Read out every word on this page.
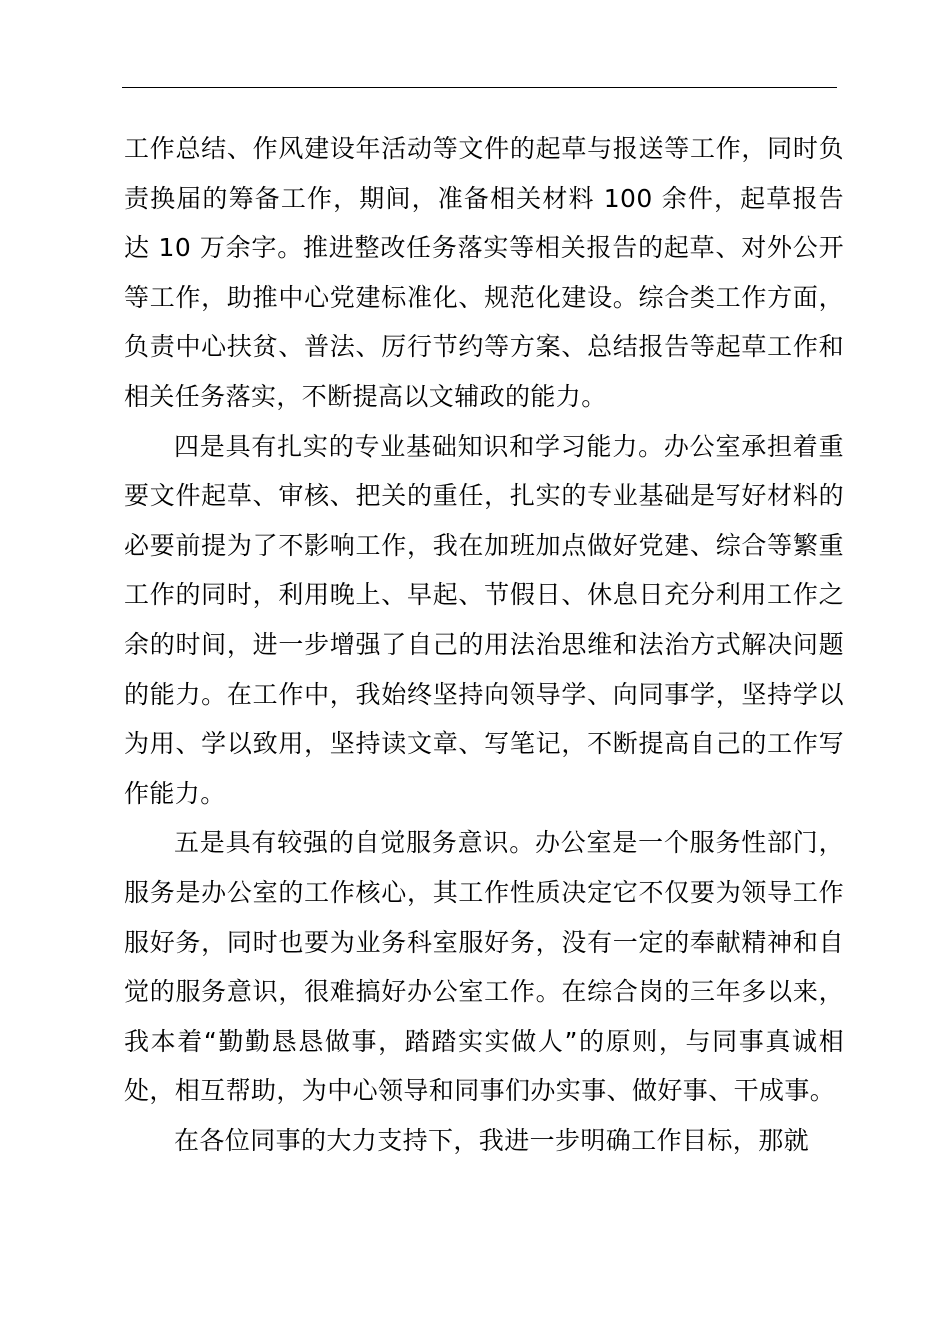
工作总结、作风建设年活动等文件的起草与报送等工作，同时负责换届的筹备工作，期间，准备相关材料 100 余件，起草报告达 10 万余字。推进整改任务落实等相关报告的起草、对外公开等工作，助推中心党建标准化、规范化建设。综合类工作方面，负责中心扶贫、普法、厉行节约等方案、总结报告等起草工作和相关任务落实，不断提高以文辅政的能力。

四是具有扎实的专业基础知识和学习能力。办公室承担着重要文件起草、审核、把关的重任，扎实的专业基础是写好材料的必要前提为了不影响工作，我在加班加点做好党建、综合等繁重工作的同时，利用晚上、早起、节假日、休息日充分利用工作之余的时间，进一步增强了自己的用法治思维和法治方式解决问题的能力。在工作中，我始终坚持向领导学、向同事学，坚持学以为用、学以致用，坚持读文章、写笔记，不断提高自己的工作写作能力。

五是具有较强的自觉服务意识。办公室是一个服务性部门，服务是办公室的工作核心，其工作性质决定它不仅要为领导工作服好务，同时也要为业务科室服好务，没有一定的奉献精神和自觉的服务意识，很难搞好办公室工作。在综合岗的三年多以来，我本着“勤勤恳恳做事，踏踏实实做人”的原则，与同事真诚相处，相互帮助，为中心领导和同事们办实事、做好事、干成事。

在各位同事的大力支持下，我进一步明确工作目标，那就
